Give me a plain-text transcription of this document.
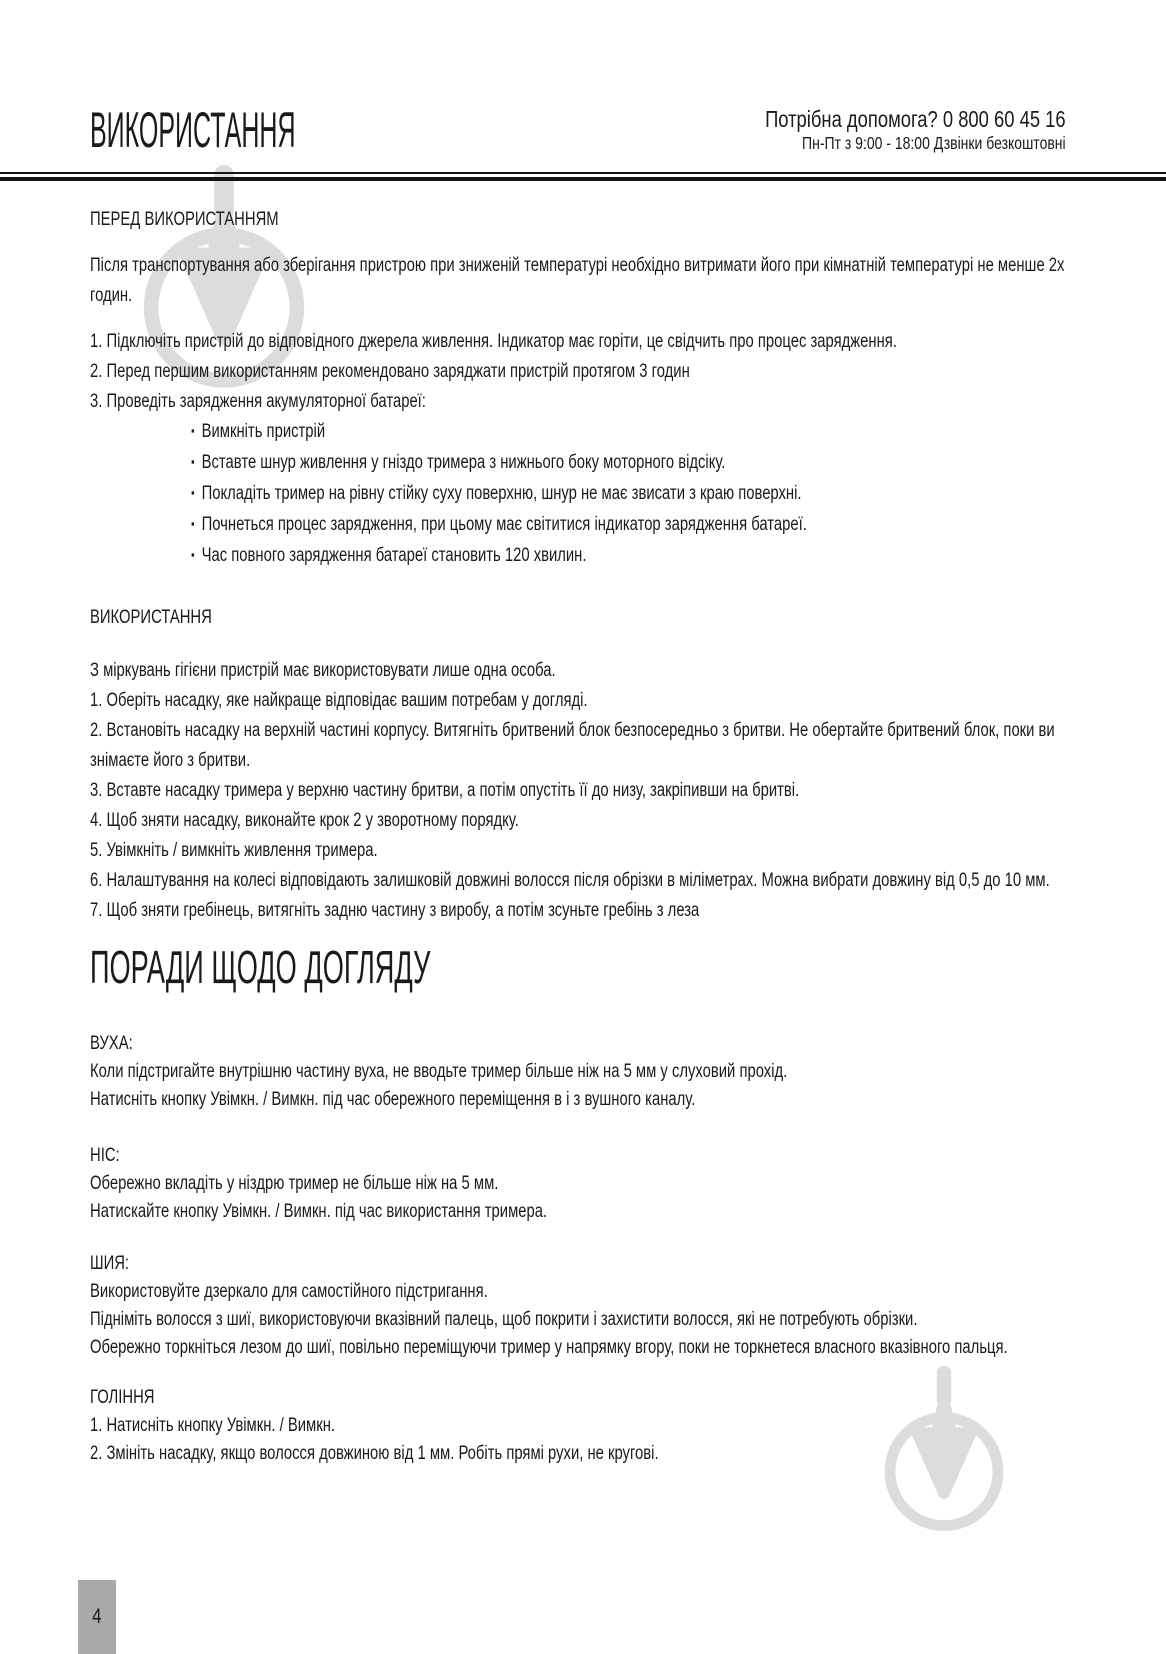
ВИКОРИСТАННЯ	Потрібна допомога? 0 800 60 45 16
Пн-Пт з 9:00 - 18:00 Дзвінки безкоштовні
ПЕРЕД ВИКОРИСТАННЯМ

Після транспортування або зберігання пристрою при зниженій температурі необхідно витримати його при кімнатній температурі не менше 2х годин.

1. Підключіть пристрій до відповідного джерела живлення. Індикатор має горіти, це свідчить про процес зарядження.
2. Перед першим використанням рекомендовано заряджати пристрій протягом 3 годин
3. Проведіть зарядження акумуляторної батареї:
▪ Вимкніть пристрій
▪ Вставте шнур живлення у гніздо тримера з нижнього боку моторного відсіку.
▪ Покладіть тример на рівну стійку суху поверхню, шнур не має звисати з краю поверхні.
▪ Почнеться процес зарядження, при цьому має світитися індикатор зарядження батареї.
▪ Час повного зарядження батареї становить 120 хвилин.
ВИКОРИСТАННЯ

З міркувань гігієни пристрій має використовувати лише одна особа.

1. Оберіть насадку, яке найкраще відповідає вашим потребам у догляді.
2. Встановіть насадку на верхній частині корпусу. Витягніть бритвений блок безпосередньо з бритви. Не обертайте бритвений блок, поки ви знімаєте його з бритви.
3. Вставте насадку тримера у верхню частину бритви, а потім опустіть її до низу, закріпивши на бритві.
4. Щоб зняти насадку, виконайте крок 2 у зворотному порядку.
5. Увімкніть / вимкніть живлення тримера.
6. Налаштування на колесі відповідають залишковій довжині волосся після обрізки в міліметрах. Можна вибрати довжину від 0,5 до 10 мм.
7. Щоб зняти гребінець, витягніть задню частину з виробу, а потім зсуньте гребінь з леза
ПОРАДИ ЩОДО ДОГЛЯДУ
ВУХА:
Коли підстригайте внутрішню частину вуха, не вводьте тример більше ніж на 5 мм у слуховий прохід.
Натисніть кнопку Увімкн. / Вимкн. під час обережного переміщення в і з вушного каналу.
НІС:
Обережно вкладіть у ніздрю тример не більше ніж на 5 мм.
Натискайте кнопку Увімкн. / Вимкн. під час використання тримера.
ШИЯ:
Використовуйте дзеркало для самостійного підстригання.
Підніміть волосся з шиї, використовуючи вказівний палець, щоб покрити і захистити волосся, які не потребують обрізки.
Обережно торкніться лезом до шиї, повільно переміщуючи тример у напрямку вгору, поки не торкнетеся власного вказівного пальця.
ГОЛІННЯ
1. Натисніть кнопку Увімкн. / Вимкн.
2. Змініть насадку, якщо волосся довжиною від 1 мм. Робіть прямі рухи, не кругові.
4
